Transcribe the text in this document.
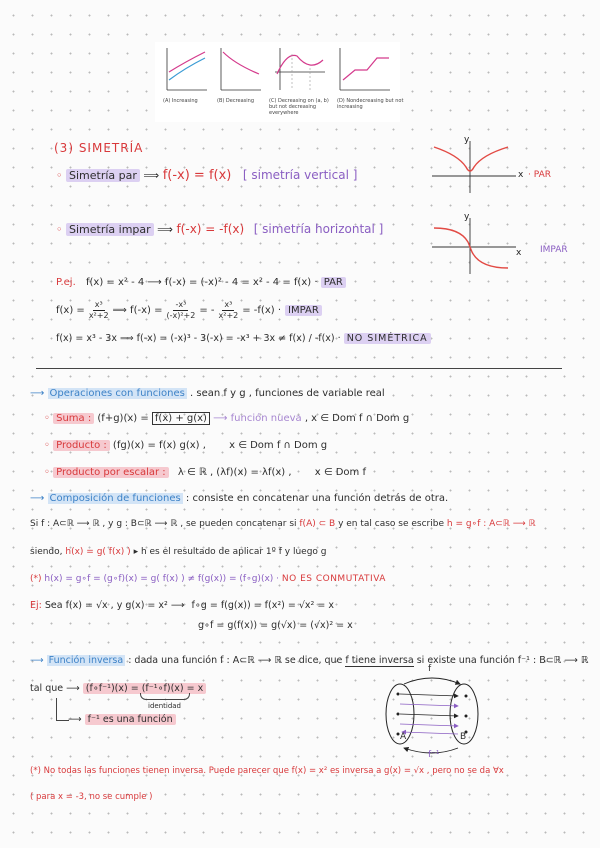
(A) Increasing	(B) Decreasing	(C) Decreasing on (a, b)
but not decreasing
everywhere
(D) Nondecreasing but not
increasing
(3) SIMETRÍA
◦ Simetría par ⟹ f(-x) = f(x) [ simetría vertical ]
◦ Simetría impar ⟹ f(-x) = -f(x) [ simetría horizontal ]
y
x · PAR
y
x IMPAR
P.ej. f(x) = x² - 4 ⟶ f(-x) = (-x)² - 4 = x² - 4 = f(x) · PAR
$f(x) = \frac{\text{x³}}{\text{x²+2}}$ ⟹ $f(-x) = \frac{\text{-x³}}{\text{(-x)²+2}}$ = - $\frac{\text{x³}}{\text{x²+2}} = -f(x)$ · IMPAR
f(x) = x³ - 3x ⟹ f(-x) = (-x)³ - 3(-x) = -x³ + 3x ≠ f(x) / -f(x) · NO SIMÉTRICA
⟶ Operaciones con funciones . sean f y g , funciones de variable real
◦ Suma : (f+g)(x) = f(x) + g(x) ⟶ función nueva , x ∈ Dom f ∩ Dom g
◦ Producto : (fg)(x) = f(x) g(x) , x ∈ Dom f ∩ Dom g
◦ Producto por escalar : λ ∈ ℝ , (λf)(x) = λf(x) , x ∈ Dom f
⟶ Composición de funciones : consiste en concatenar una función detrás de otra.
Si f : A⊂ℝ ⟶ ℝ , y g : B⊂ℝ ⟶ ℝ , se pueden concatenar si f(A) ⊂ B y en tal caso se escribe h = g∘f : A⊂ℝ ⟶ ℝ
siendo, h(x) = g( f(x) ) ▸ h es el resultado de aplicar 1º f y luego g
(*) h(x) = g∘f = (g∘f)(x) = g( f(x) ) ≠ f(g(x)) = (f∘g)(x) · NO ES CONMUTATIVA
Ej: Sea f(x) = √x , y g(x) = x² ⟶ f∘g = f(g(x)) = f(x²) = √x² = x
g∘f = g(f(x)) = g(√x) = (√x)² = x
⟶ Función inversa : dada una función f : A⊂ℝ ⟶ ℝ se dice, que f tiene inversa si existe una función f⁻¹ : B⊂ℝ ⟶ ℝ
tal que ⟶ (f∘f⁻¹)(x) = (f⁻¹∘f)(x) = x
identidad
⟶ f⁻¹ es una función
f
A	B
f⁻¹
(*) No todas las funciones tienen inversa. Puede parecer que f(x) = x² es inversa a g(x) = √x , pero no se da ∀x
( para x = -3, no se cumple )
